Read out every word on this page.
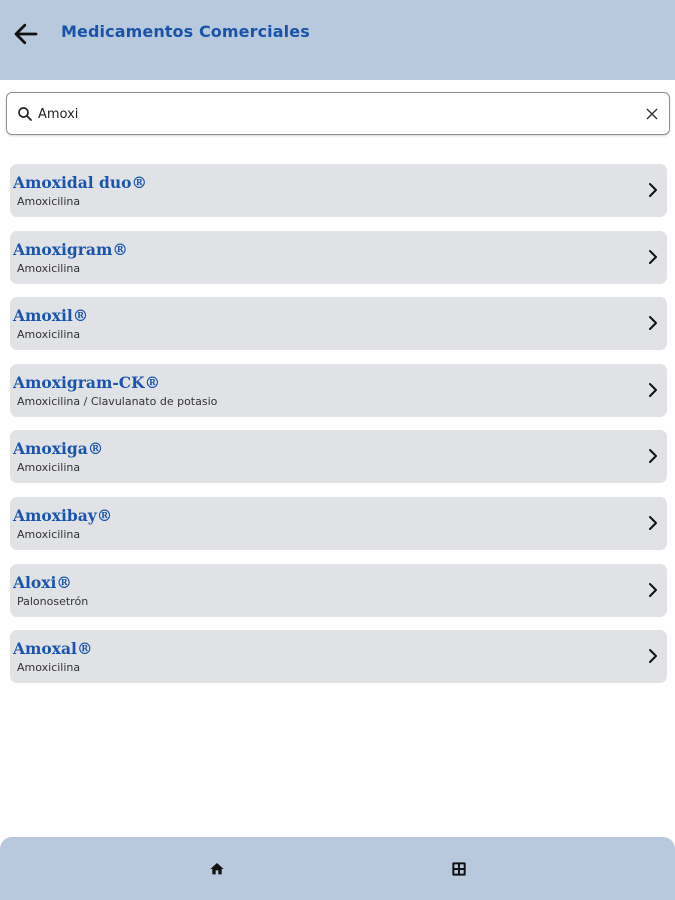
Medicamentos Comerciales
Amoxi
Amoxidal duo®
Amoxicilina
Amoxigram®
Amoxicilina
Amoxil®
Amoxicilina
Amoxigram-CK®
Amoxicilina / Clavulanato de potasio
Amoxiga®
Amoxicilina
Amoxibay®
Amoxicilina
Aloxi®
Palonosetrón
Amoxal®
Amoxicilina
